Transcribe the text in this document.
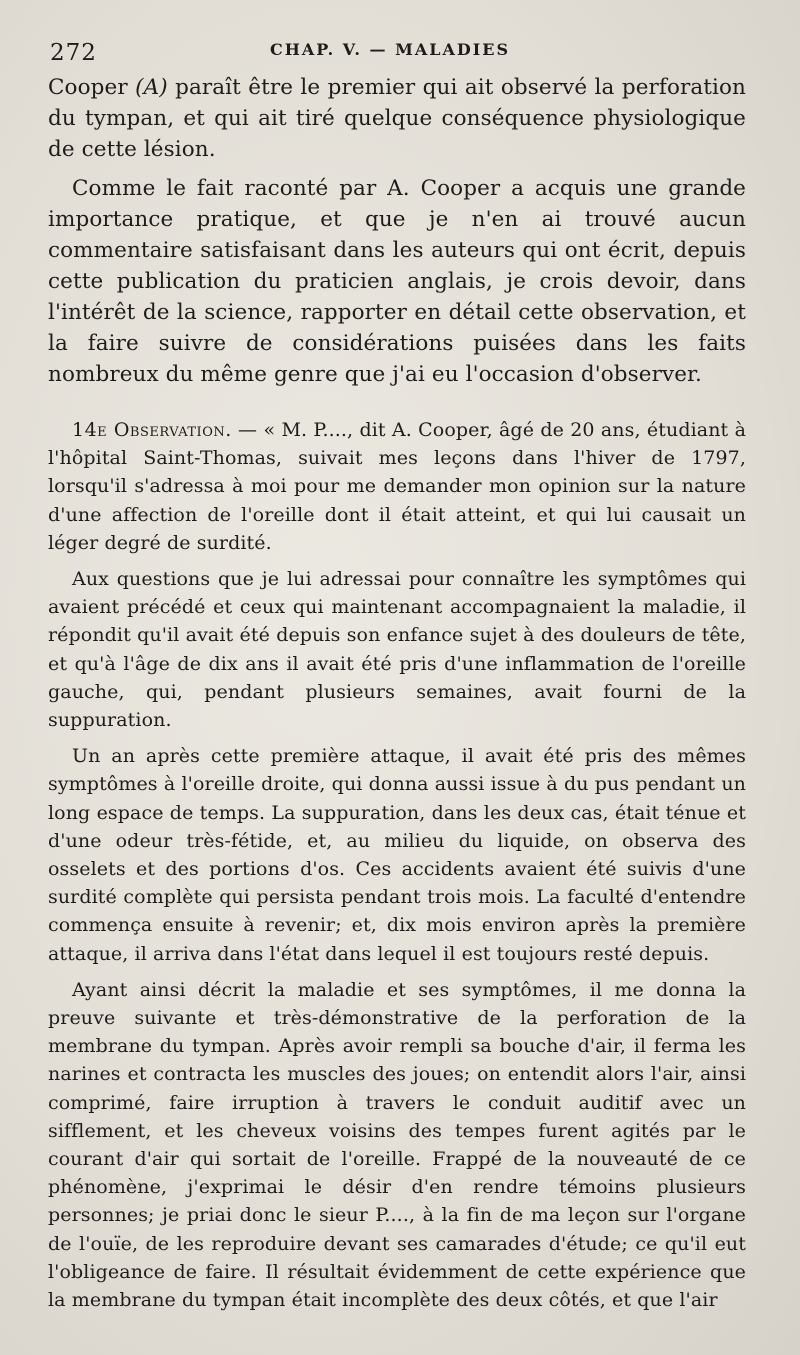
272	CHAP. V. — MALADIES

Cooper (A) paraît être le premier qui ait observé la perforation du tympan, et qui ait tiré quelque conséquence physiologique de cette lésion.

Comme le fait raconté par A. Cooper a acquis une grande importance pratique, et que je n'en ai trouvé aucun commentaire satisfaisant dans les auteurs qui ont écrit, depuis cette publication du praticien anglais, je crois devoir, dans l'intérêt de la science, rapporter en détail cette observation, et la faire suivre de considérations puisées dans les faits nombreux du même genre que j'ai eu l'occasion d'observer.

14e Observation. — « M. P...., dit A. Cooper, âgé de 20 ans, étudiant à l'hôpital Saint-Thomas, suivait mes leçons dans l'hiver de 1797, lorsqu'il s'adressa à moi pour me demander mon opinion sur la nature d'une affection de l'oreille dont il était atteint, et qui lui causait un léger degré de surdité.

Aux questions que je lui adressai pour connaître les symptômes qui avaient précédé et ceux qui maintenant accompagnaient la maladie, il répondit qu'il avait été depuis son enfance sujet à des douleurs de tête, et qu'à l'âge de dix ans il avait été pris d'une inflammation de l'oreille gauche, qui, pendant plusieurs semaines, avait fourni de la suppuration.

Un an après cette première attaque, il avait été pris des mêmes symptômes à l'oreille droite, qui donna aussi issue à du pus pendant un long espace de temps. La suppuration, dans les deux cas, était ténue et d'une odeur très-fétide, et, au milieu du liquide, on observa des osselets et des portions d'os. Ces accidents avaient été suivis d'une surdité complète qui persista pendant trois mois. La faculté d'entendre commença ensuite à revenir; et, dix mois environ après la première attaque, il arriva dans l'état dans lequel il est toujours resté depuis.

Ayant ainsi décrit la maladie et ses symptômes, il me donna la preuve suivante et très-démonstrative de la perforation de la membrane du tympan. Après avoir rempli sa bouche d'air, il ferma les narines et contracta les muscles des joues; on entendit alors l'air, ainsi comprimé, faire irruption à travers le conduit auditif avec un sifflement, et les cheveux voisins des tempes furent agités par le courant d'air qui sortait de l'oreille. Frappé de la nouveauté de ce phénomène, j'exprimai le désir d'en rendre témoins plusieurs personnes; je priai donc le sieur P...., à la fin de ma leçon sur l'organe de l'ouïe, de les reproduire devant ses camarades d'étude; ce qu'il eut l'obligeance de faire. Il résultait évidemment de cette expérience que la membrane du tympan était incomplète des deux côtés, et que l'air
